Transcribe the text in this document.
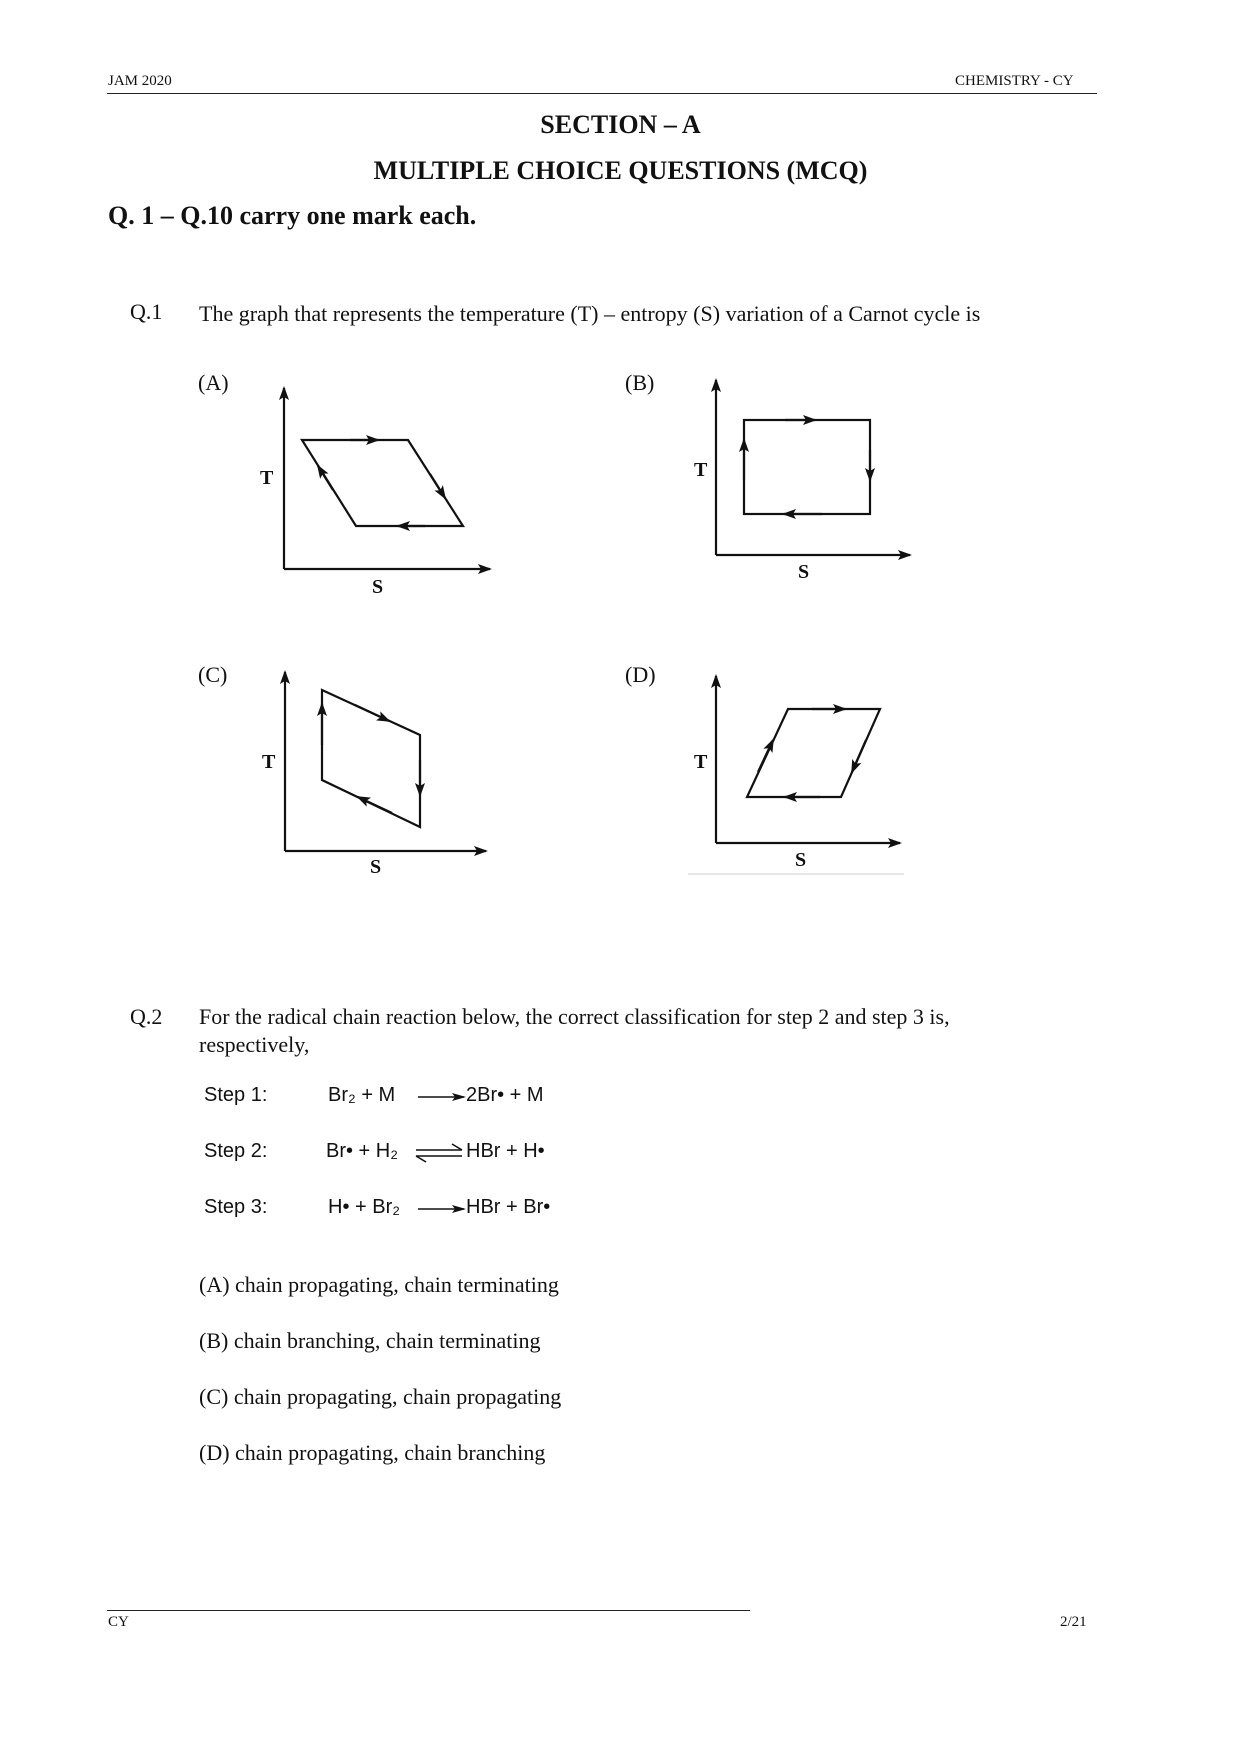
JAM 2020	CHEMISTRY - CY
SECTION – A
MULTIPLE CHOICE QUESTIONS (MCQ)
Q. 1 – Q.10 carry one mark each.
Q.1 The graph that represents the temperature (T) – entropy (S) variation of a Carnot cycle is
(A)	(B)
(C)	(D)
T
S
T
S
T
S
T
S
Q.2 For the radical chain reaction below, the correct classification for step 2 and step 3 is,
respectively,
Step 1:	Br₂ + M	2Br• + M
Step 2:	Br• + H₂	HBr + H•
Step 3:	H• + Br₂	HBr + Br•
(A) chain propagating, chain terminating
(B) chain branching, chain terminating
(C) chain propagating, chain propagating
(D) chain propagating, chain branching
CY	2/21
